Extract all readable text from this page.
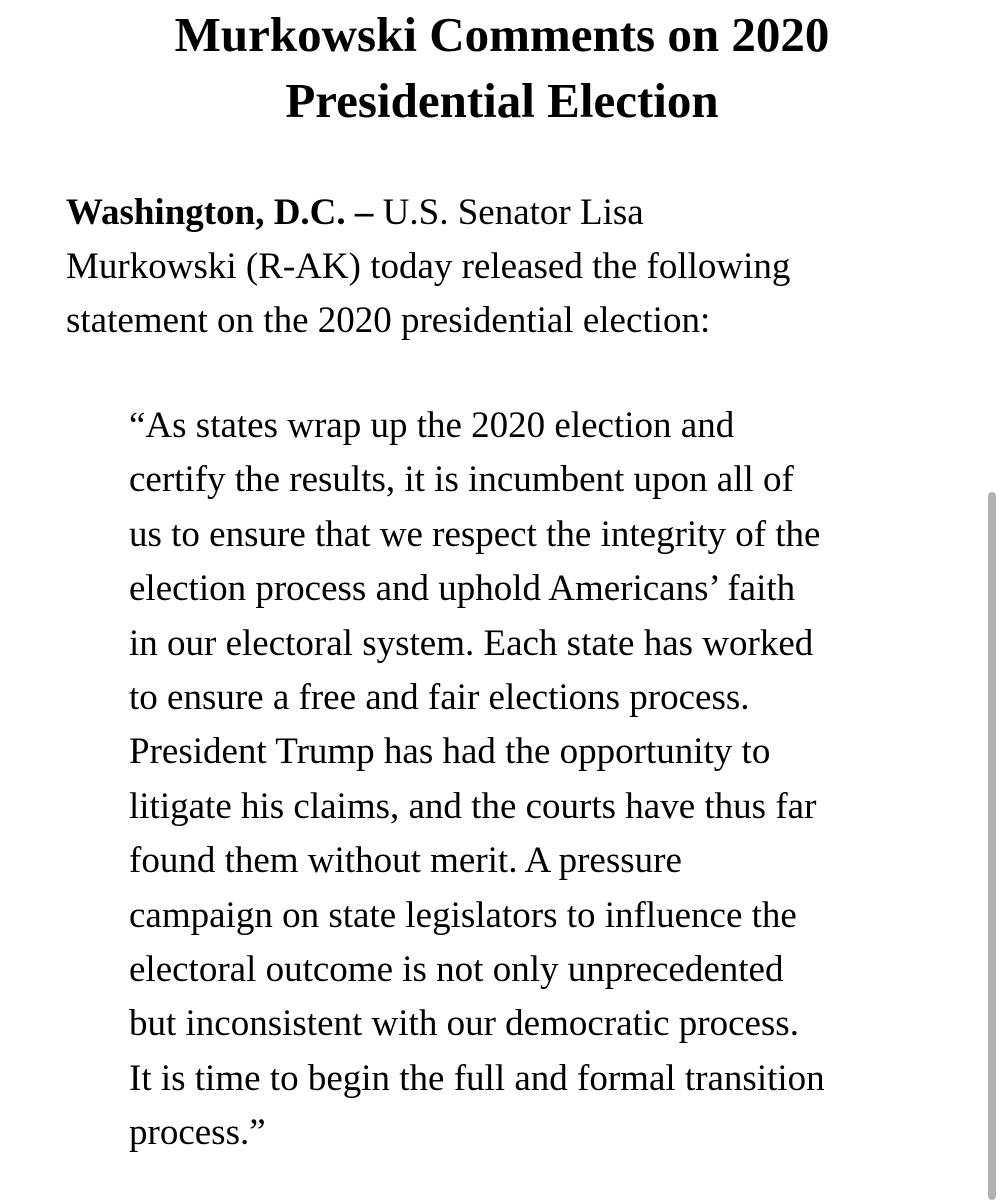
Murkowski Comments on 2020
Presidential Election

Washington, D.C. – U.S. Senator Lisa
Murkowski (R-AK) today released the following
statement on the 2020 presidential election:

“As states wrap up the 2020 election and
certify the results, it is incumbent upon all of
us to ensure that we respect the integrity of the
election process and uphold Americans’ faith
in our electoral system. Each state has worked
to ensure a free and fair elections process.
President Trump has had the opportunity to
litigate his claims, and the courts have thus far
found them without merit. A pressure
campaign on state legislators to influence the
electoral outcome is not only unprecedented
but inconsistent with our democratic process.
It is time to begin the full and formal transition
process.”
